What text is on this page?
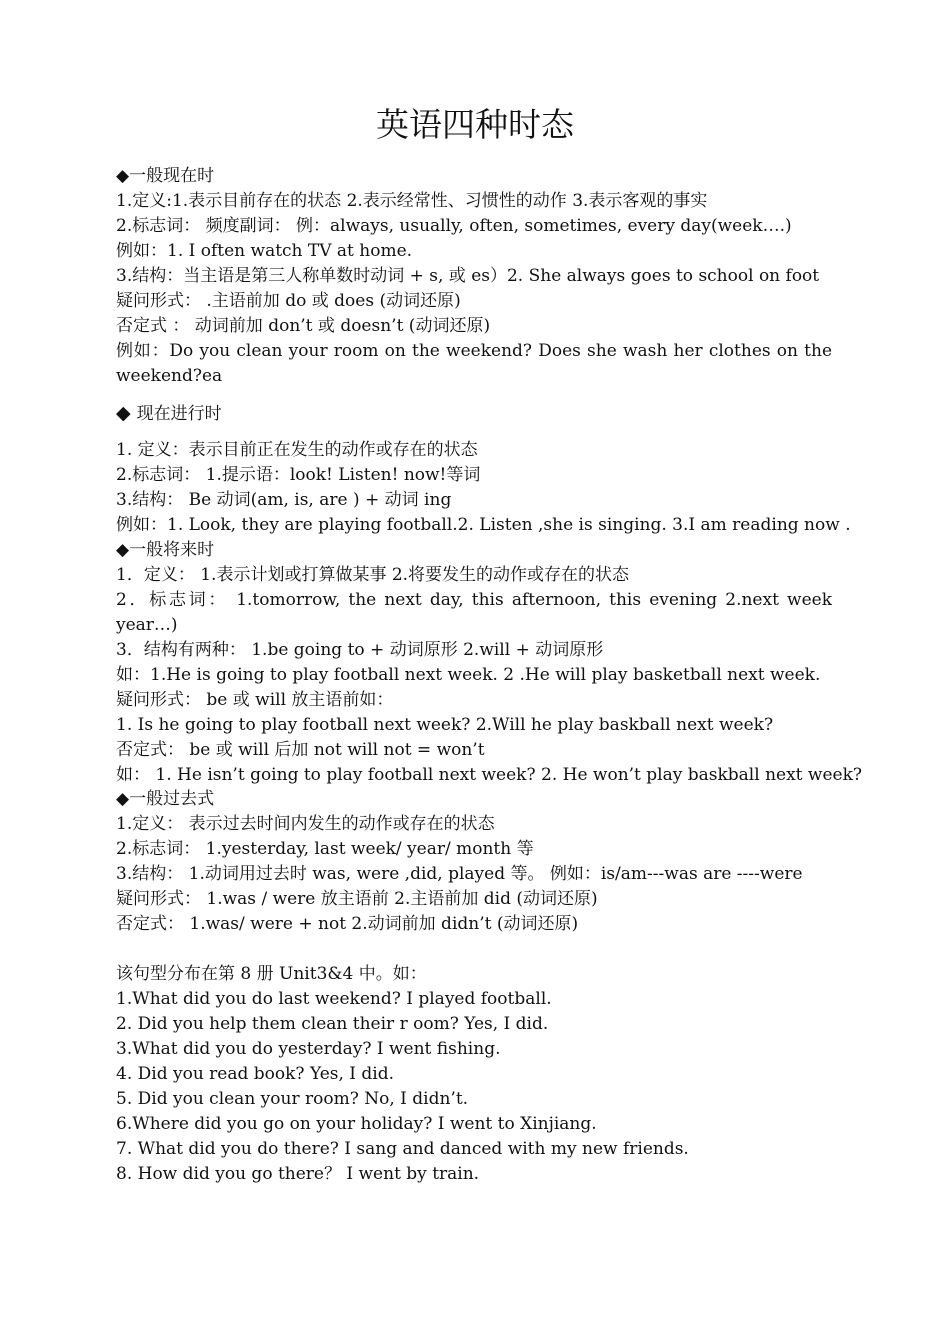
英语四种时态
◆一般现在时
1.定义:1.表示目前存在的状态 2.表示经常性、习惯性的动作 3.表示客观的事实
2.标志词： 频度副词： 例：always, usually, often, sometimes, every day(week….)
例如：1. I often watch TV at home.
3.结构：当主语是第三人称单数时动词 + s, 或 es）2. She always goes to school on foot
疑问形式： .主语前加 do 或 does (动词还原)
否定式 ： 动词前加 don’t 或 doesn’t (动词还原)
例如：Do you clean your room on the weekend? Does she wash her clothes on the
weekend?ea
◆ 现在进行时
1. 定义：表示目前正在发生的动作或存在的状态
2.标志词： 1.提示语：look! Listen! now!等词
3.结构： Be 动词(am, is, are ) + 动词 ing
例如：1. Look, they are playing football.2. Listen ,she is singing. 3.I am reading now .
◆一般将来时
1．定义： 1.表示计划或打算做某事 2.将要发生的动作或存在的状态
2．标志词： 1.tomorrow, the next day, this afternoon, this evening 2.next week
year…)
3．结构有两种： 1.be going to + 动词原形 2.will + 动词原形
如：1.He is going to play football next week. 2 .He will play basketball next week.
疑问形式： be 或 will 放主语前如：
1. Is he going to play football next week? 2.Will he play baskball next week?
否定式： be 或 will 后加 not will not = won’t
如： 1. He isn’t going to play football next week? 2. He won’t play baskball next week?
◆一般过去式
1.定义： 表示过去时间内发生的动作或存在的状态
2.标志词： 1.yesterday, last week/ year/ month 等
3.结构： 1.动词用过去时 was, were ,did, played 等。 例如：is/am---was are ----were
疑问形式： 1.was / were 放主语前 2.主语前加 did (动词还原)
否定式： 1.was/ were + not 2.动词前加 didn’t (动词还原)
该句型分布在第 8 册 Unit3&4 中。如：
1.What did you do last weekend? I played football.
2. Did you help them clean their r oom? Yes, I did.
3.What did you do yesterday? I went fishing.
4. Did you read book? Yes, I did.
5. Did you clean your room? No, I didn’t.
6.Where did you go on your holiday? I went to Xinjiang.
7. What did you do there? I sang and danced with my new friends.
8. How did you go there？ I went by train.
